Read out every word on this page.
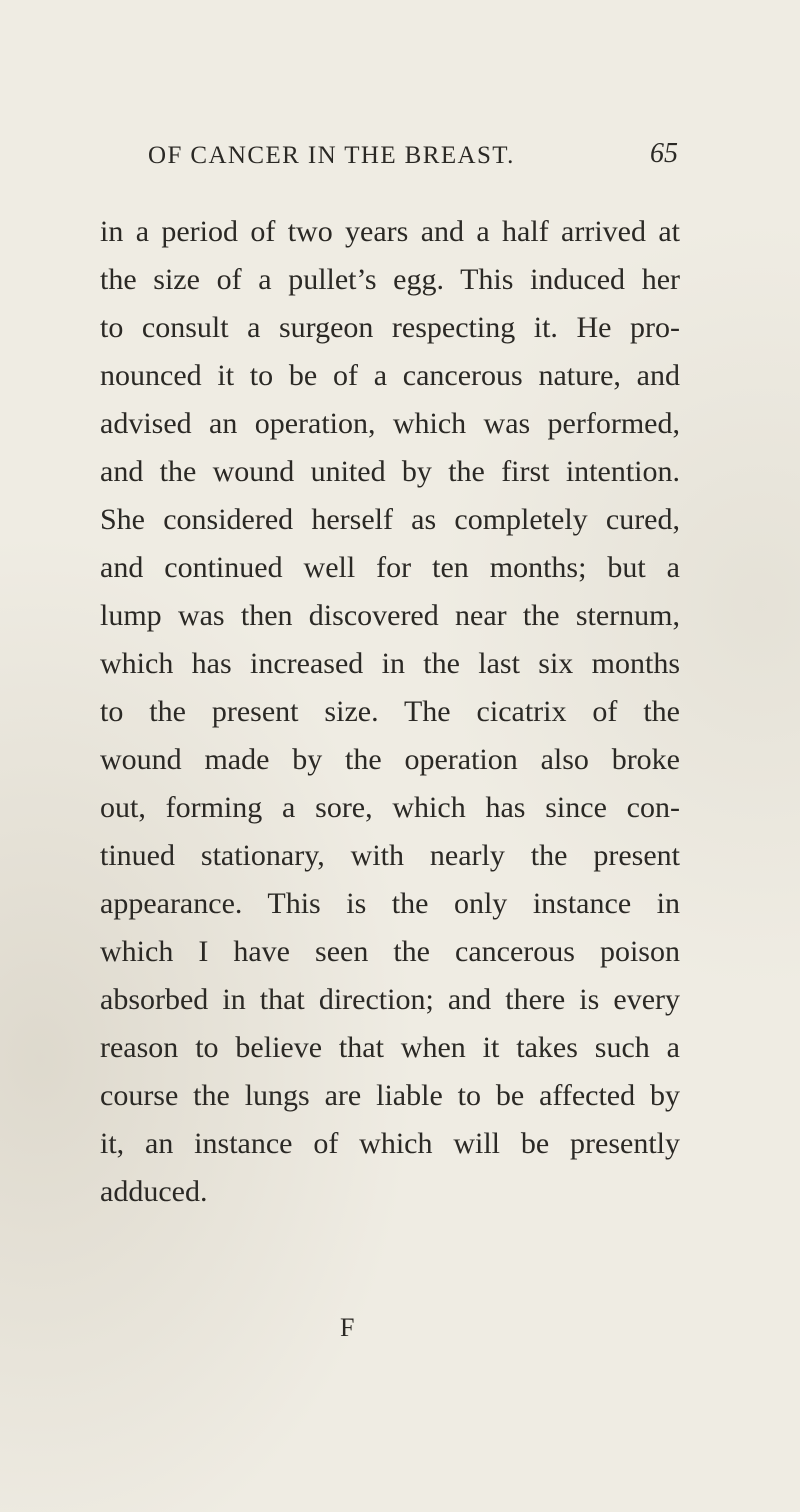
OF CANCER IN THE BREAST.	65
in a period of two years and a half arrived at
the size of a pullet’s egg. This induced her
to consult a surgeon respecting it. He pro-
nounced it to be of a cancerous nature, and
advised an operation, which was performed,
and the wound united by the first intention.
She considered herself as completely cured,
and continued well for ten months; but a
lump was then discovered near the sternum,
which has increased in the last six months
to the present size. The cicatrix of the
wound made by the operation also broke
out, forming a sore, which has since con-
tinued stationary, with nearly the present
appearance. This is the only instance in
which I have seen the cancerous poison
absorbed in that direction; and there is every
reason to believe that when it takes such a
course the lungs are liable to be affected by
it, an instance of which will be presently
adduced.
F
